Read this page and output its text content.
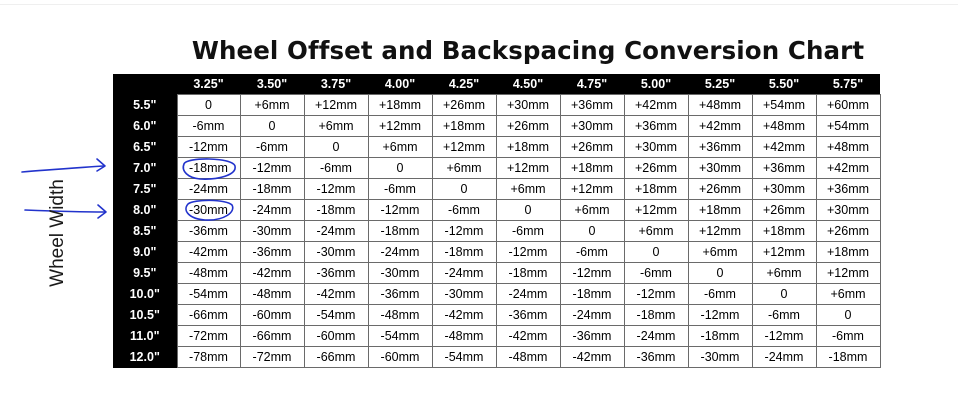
Wheel Offset and Backspacing Conversion Chart
	3.25"	3.50"	3.75"	4.00"	4.25"	4.50"	4.75"	5.00"	5.25"	5.50"	5.75"
5.5"	0	+6mm	+12mm	+18mm	+26mm	+30mm	+36mm	+42mm	+48mm	+54mm	+60mm
6.0"	-6mm	0	+6mm	+12mm	+18mm	+26mm	+30mm	+36mm	+42mm	+48mm	+54mm
6.5"	-12mm	-6mm	0	+6mm	+12mm	+18mm	+26mm	+30mm	+36mm	+42mm	+48mm
7.0"	-18mm	-12mm	-6mm	0	+6mm	+12mm	+18mm	+26mm	+30mm	+36mm	+42mm
7.5"	-24mm	-18mm	-12mm	-6mm	0	+6mm	+12mm	+18mm	+26mm	+30mm	+36mm
8.0"	-30mm	-24mm	-18mm	-12mm	-6mm	0	+6mm	+12mm	+18mm	+26mm	+30mm
8.5"	-36mm	-30mm	-24mm	-18mm	-12mm	-6mm	0	+6mm	+12mm	+18mm	+26mm
9.0"	-42mm	-36mm	-30mm	-24mm	-18mm	-12mm	-6mm	0	+6mm	+12mm	+18mm
9.5"	-48mm	-42mm	-36mm	-30mm	-24mm	-18mm	-12mm	-6mm	0	+6mm	+12mm
10.0"	-54mm	-48mm	-42mm	-36mm	-30mm	-24mm	-18mm	-12mm	-6mm	0	+6mm
10.5"	-66mm	-60mm	-54mm	-48mm	-42mm	-36mm	-24mm	-18mm	-12mm	-6mm	0
11.0"	-72mm	-66mm	-60mm	-54mm	-48mm	-42mm	-36mm	-24mm	-18mm	-12mm	-6mm
12.0"	-78mm	-72mm	-66mm	-60mm	-54mm	-48mm	-42mm	-36mm	-30mm	-24mm	-18mm
Wheel Width
